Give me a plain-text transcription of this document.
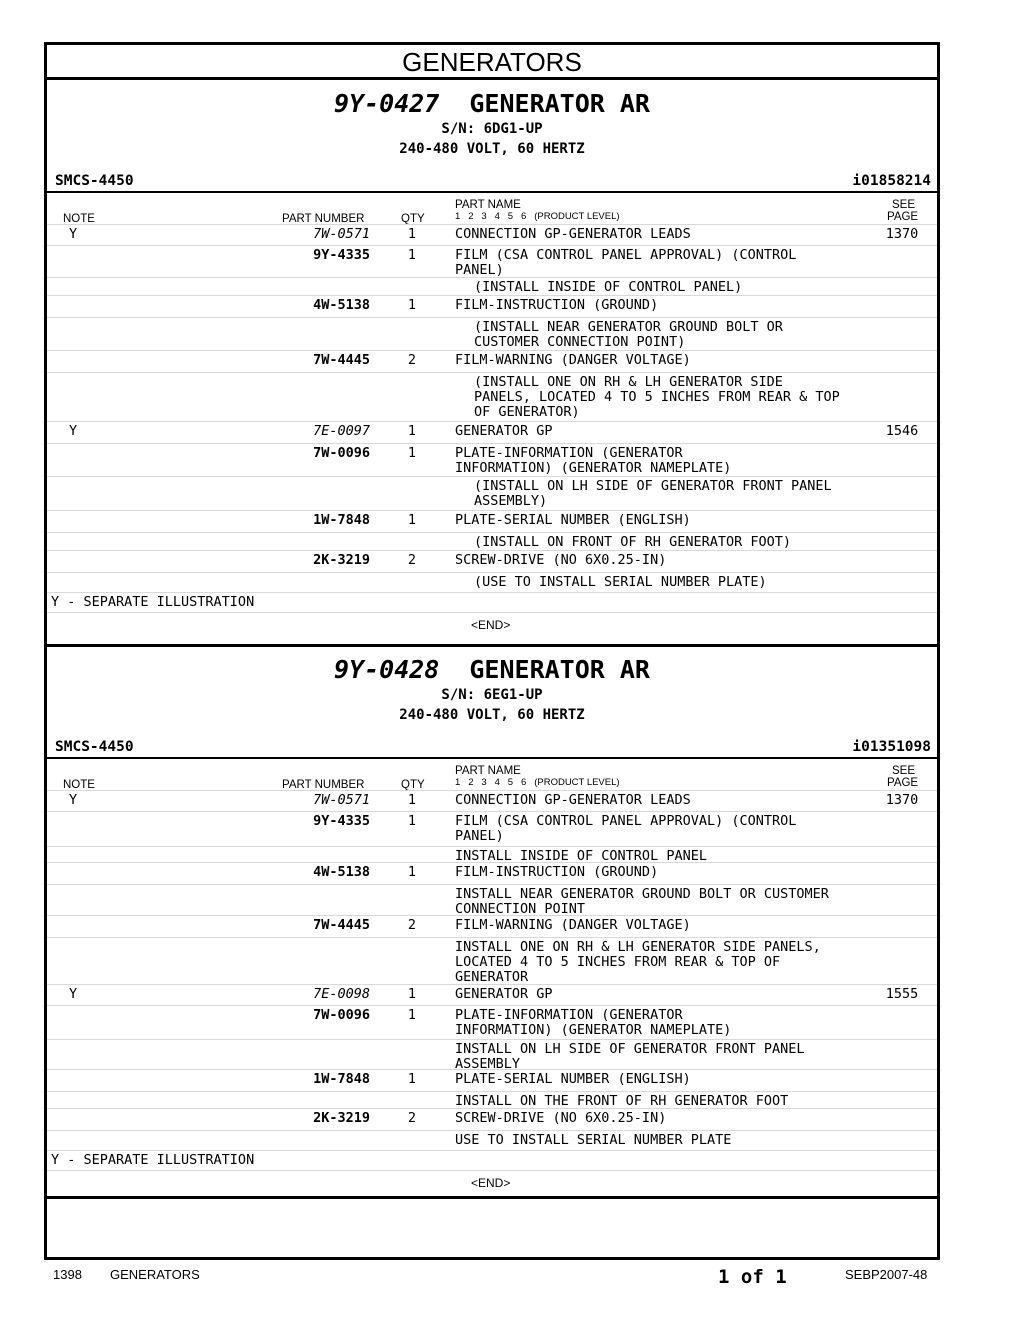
GENERATORS
9Y-0427 GENERATOR AR
S/N: 6DG1-UP
240-480 VOLT, 60 HERTZ
SMCS-4450	i01858214
NOTE	PART NUMBER	QTY
PART NAME
1   2   3   4   5   6   (PRODUCT LEVEL)
SEE
PAGE
Y	7W-0571	1	CONNECTION GP-GENERATOR LEADS	1370
9Y-4335	1	FILM (CSA CONTROL PANEL APPROVAL) (CONTROL
PANEL)
(INSTALL INSIDE OF CONTROL PANEL)
4W-5138	1	FILM-INSTRUCTION (GROUND)
(INSTALL NEAR GENERATOR GROUND BOLT OR
CUSTOMER CONNECTION POINT)
7W-4445	2	FILM-WARNING (DANGER VOLTAGE)
(INSTALL ONE ON RH & LH GENERATOR SIDE
PANELS, LOCATED 4 TO 5 INCHES FROM REAR & TOP
OF GENERATOR)
Y	7E-0097	1	GENERATOR GP	1546
7W-0096	1	PLATE-INFORMATION (GENERATOR
INFORMATION) (GENERATOR NAMEPLATE)
(INSTALL ON LH SIDE OF GENERATOR FRONT PANEL
ASSEMBLY)
1W-7848	1	PLATE-SERIAL NUMBER (ENGLISH)
(INSTALL ON FRONT OF RH GENERATOR FOOT)
2K-3219	2	SCREW-DRIVE (NO 6X0.25-IN)
(USE TO INSTALL SERIAL NUMBER PLATE)
Y - SEPARATE ILLUSTRATION
<END>
9Y-0428 GENERATOR AR
S/N: 6EG1-UP
240-480 VOLT, 60 HERTZ
SMCS-4450	i01351098
NOTE	PART NUMBER	QTY
PART NAME
1   2   3   4   5   6   (PRODUCT LEVEL)
SEE
PAGE
Y	7W-0571	1	CONNECTION GP-GENERATOR LEADS	1370
9Y-4335	1	FILM (CSA CONTROL PANEL APPROVAL) (CONTROL
PANEL)
INSTALL INSIDE OF CONTROL PANEL
4W-5138	1	FILM-INSTRUCTION (GROUND)
INSTALL NEAR GENERATOR GROUND BOLT OR CUSTOMER
CONNECTION POINT
7W-4445	2	FILM-WARNING (DANGER VOLTAGE)
INSTALL ONE ON RH & LH GENERATOR SIDE PANELS,
LOCATED 4 TO 5 INCHES FROM REAR & TOP OF
GENERATOR
Y	7E-0098	1	GENERATOR GP	1555
7W-0096	1	PLATE-INFORMATION (GENERATOR
INFORMATION) (GENERATOR NAMEPLATE)
INSTALL ON LH SIDE OF GENERATOR FRONT PANEL
ASSEMBLY
1W-7848	1	PLATE-SERIAL NUMBER (ENGLISH)
INSTALL ON THE FRONT OF RH GENERATOR FOOT
2K-3219	2	SCREW-DRIVE (NO 6X0.25-IN)
USE TO INSTALL SERIAL NUMBER PLATE
Y - SEPARATE ILLUSTRATION
<END>
1398 GENERATORS	1 of 1	SEBP2007-48
